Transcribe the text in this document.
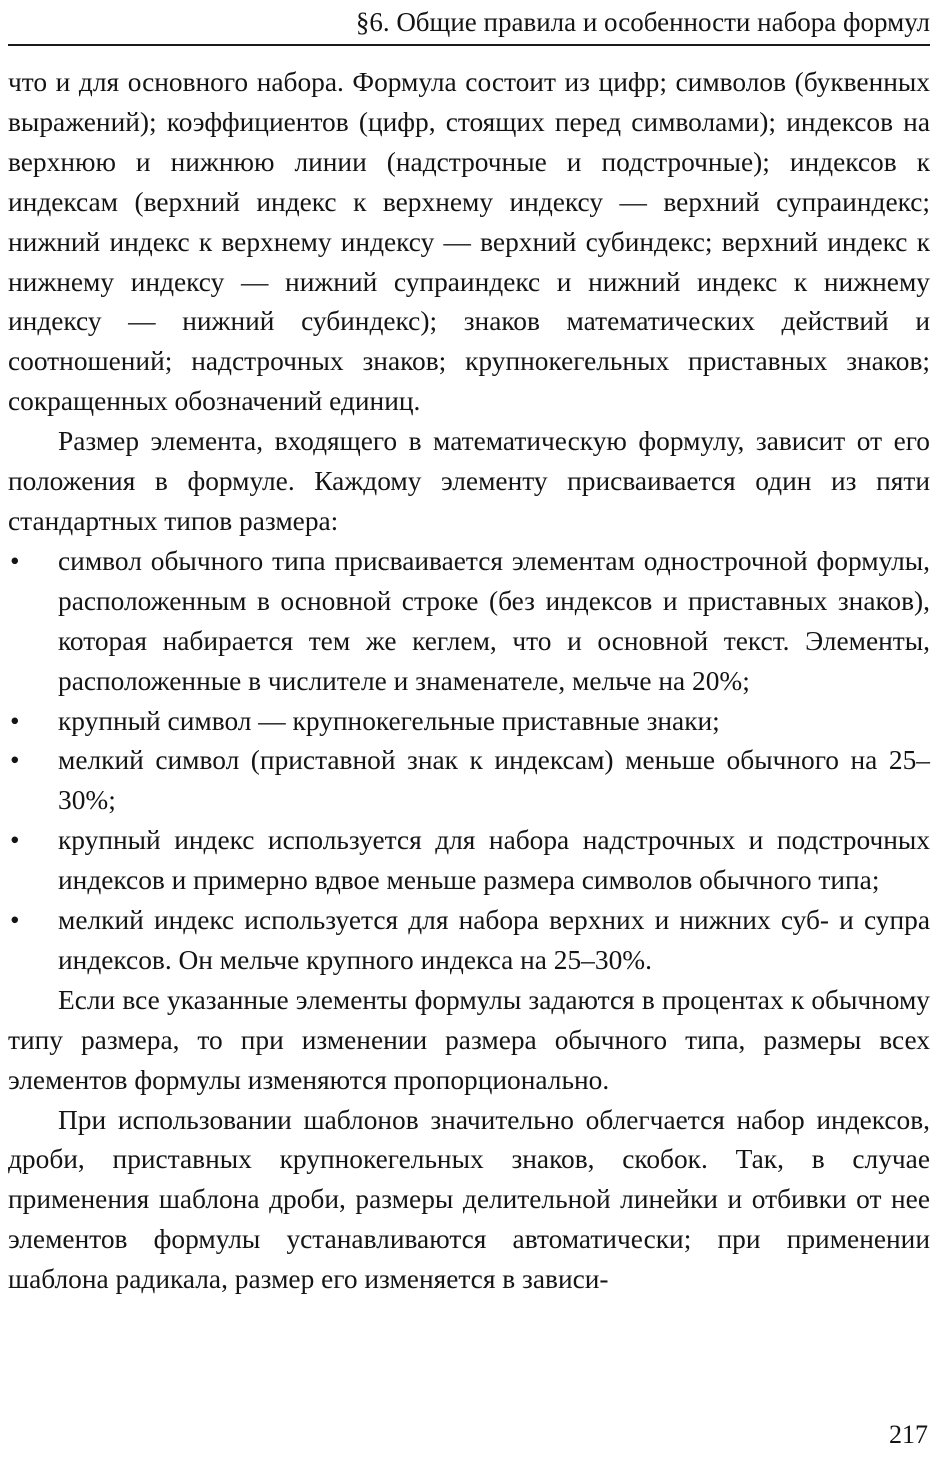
§6. Общие правила и особенности набора формул

что и для основного набора. Формула состоит из цифр; символов (буквенных выражений); коэффициентов (цифр, стоящих перед символами); индексов на верхнюю и нижнюю линии (надстрочные и подстрочные); индексов к индексам (верхний индекс к верхнему индексу — верхний супраиндекс; нижний индекс к верхнему индексу — верхний субиндекс; верхний индекс к нижнему индексу — нижний супраиндекс и нижний индекс к нижнему индексу — нижний субиндекс); знаков математических действий и соотношений; надстрочных знаков; крупнокегельных приставных знаков; сокращенных обозначений единиц.

Размер элемента, входящего в математическую формулу, зависит от его положения в формуле. Каждому элементу присваивается один из пяти стандартных типов размера:

• символ обычного типа присваивается элементам однострочной формулы, расположенным в основной строке (без индексов и приставных знаков), которая набирается тем же кеглем, что и основной текст. Элементы, расположенные в числителе и знаменателе, мельче на 20%;
• крупный символ — крупнокегельные приставные знаки;
• мелкий символ (приставной знак к индексам) меньше обычного на 25–30%;
• крупный индекс используется для набора надстрочных и подстрочных индексов и примерно вдвое меньше размера символов обычного типа;
• мелкий индекс используется для набора верхних и нижних суб- и супра индексов. Он мельче крупного индекса на 25–30%.

Если все указанные элементы формулы задаются в процентах к обычному типу размера, то при изменении размера обычного типа, размеры всех элементов формулы изменяются пропорционально.

При использовании шаблонов значительно облегчается набор индексов, дроби, приставных крупнокегельных знаков, скобок. Так, в случае применения шаблона дроби, размеры делительной линейки и отбивки от нее элементов формулы устанавливаются автоматически; при применении шаблона радикала, размер его изменяется в зависи-

217
